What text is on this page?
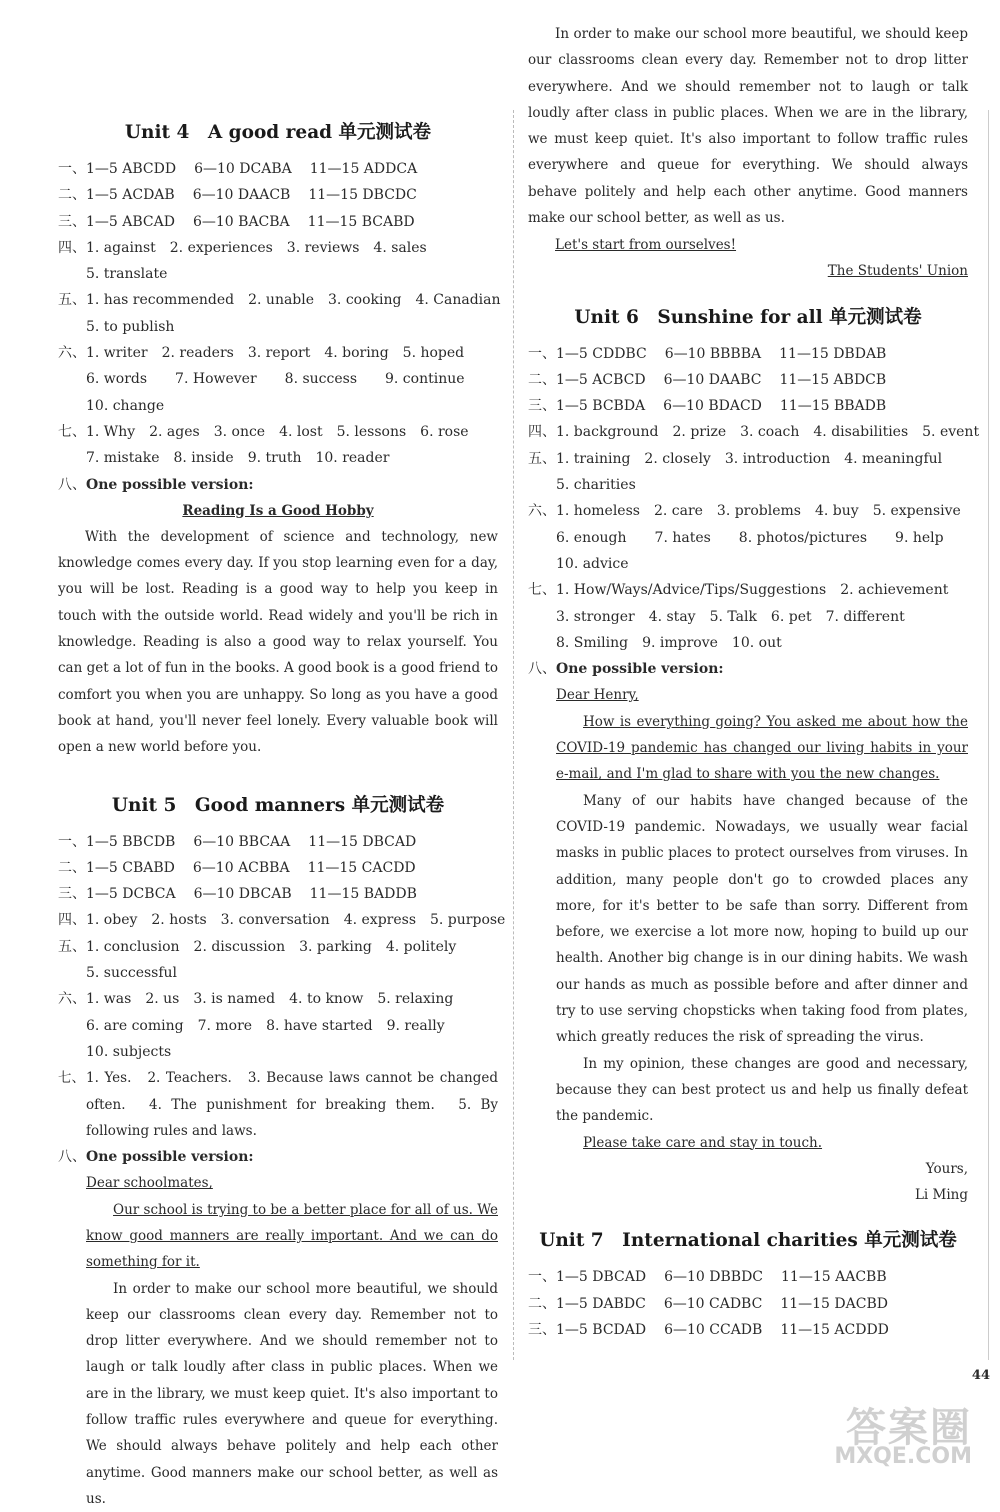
Unit 4　A good read 单元测试卷
一、1—5 ABCDD 6—10 DCABA 11—15 ADDCA
二、1—5 ACDAB 6—10 DAACB 11—15 DBCDC
三、1—5 ABCAD 6—10 BACBA 11—15 BCABD
四、1. against　2. experiences　3. reviews　4. sales
5. translate
五、1. has recommended　2. unable　3. cooking　4. Canadian
5. to publish
六、1. writer　2. readers　3. report　4. boring　5. hoped
6. words　　7. However　　8. success　　9. continue
10. change
七、1. Why　2. ages　3. once　4. lost　5. lessons　6. rose
7. mistake　8. inside　9. truth　10. reader
八、One possible version:
Reading Is a Good Hobby

With the development of science and technology, new knowledge comes every day. If you stop learning even for a day, you will be lost. Reading is a good way to help you keep in touch with the outside world. Read widely and you'll be rich in knowledge. Reading is also a good way to relax yourself. You can get a lot of fun in the books. A good book is a good friend to comfort you when you are unhappy. So long as you have a good book at hand, you'll never feel lonely. Every valuable book will open a new world before you.

Unit 5　Good manners 单元测试卷
一、1—5 BBCDB 6—10 BBCAA 11—15 DBCAD
二、1—5 CBABD 6—10 ACBBA 11—15 CACDD
三、1—5 DCBCA 6—10 DBCAB 11—15 BADDB
四、1. obey　2. hosts　3. conversation　4. express　5. purpose
五、1. conclusion　2. discussion　3. parking　4. politely
5. successful
六、1. was　2. us　3. is named　4. to know　5. relaxing
6. are coming　7. more　8. have started　9. really
10. subjects
七、 1. Yes.　2. Teachers.　3. Because laws cannot be changed often.　4. The punishment for breaking them.　5. By following rules and laws.
八、One possible version:

Dear schoolmates,

Our school is trying to be a better place for all of us. We know good manners are really important. And we can do something for it.

In order to make our school more beautiful, we should keep our classrooms clean every day. Remember not to drop litter everywhere. And we should remember not to laugh or talk loudly after class in public places. When we are in the library, we must keep quiet. It's also important to follow traffic rules everywhere and queue for everything. We should always behave politely and help each other anytime. Good manners make our school better, as well as us.

In order to make our school more beautiful, we should keep our classrooms clean every day. Remember not to drop litter everywhere. And we should remember not to laugh or talk loudly after class in public places. When we are in the library, we must keep quiet. It's also important to follow traffic rules everywhere and queue for everything. We should always behave politely and help each other anytime. Good manners make our school better, as well as us.

Let's start from ourselves!

The Students' Union
Unit 6　Sunshine for all 单元测试卷
一、1—5 CDDBC 6—10 BBBBA 11—15 DBDAB
二、1—5 ACBCD 6—10 DAABC 11—15 ABDCB
三、1—5 BCBDA 6—10 BDACD 11—15 BBADB
四、1. background　2. prize　3. coach　4. disabilities　5. event
五、1. training　2. closely　3. introduction　4. meaningful
5. charities
六、1. homeless　2. care　3. problems　4. buy　5. expensive
6. enough　　7. hates　　8. photos/pictures　　9. help
10. advice
七、1. How/Ways/Advice/Tips/Suggestions　2. achievement
3. stronger　4. stay　5. Talk　6. pet　7. different
8. Smiling　9. improve　10. out
八、One possible version:

Dear Henry,

How is everything going? You asked me about how the COVID-19 pandemic has changed our living habits in your e-mail, and I'm glad to share with you the new changes.

Many of our habits have changed because of the COVID-19 pandemic. Nowadays, we usually wear facial masks in public places to protect ourselves from viruses. In addition, many people don't go to crowded places any more, for it's better to be safe than sorry. Different from before, we exercise a lot more now, hoping to build up our health. Another big change is in our dining habits. We wash our hands as much as possible before and after dinner and try to use serving chopsticks when taking food from plates, which greatly reduces the risk of spreading the virus.

In my opinion, these changes are good and necessary, because they can best protect us and help us finally defeat the pandemic.

Please take care and stay in touch.

Yours,
Li Ming
Unit 7　International charities 单元测试卷
一、1—5 DBCAD 6—10 DBBDC 11—15 AACBB
二、1—5 DABDC 6—10 CADBC 11—15 DACBD
三、1—5 BCDAD 6—10 CCADB 11—15 ACDDD
44
答案圈
MXQE.COM
